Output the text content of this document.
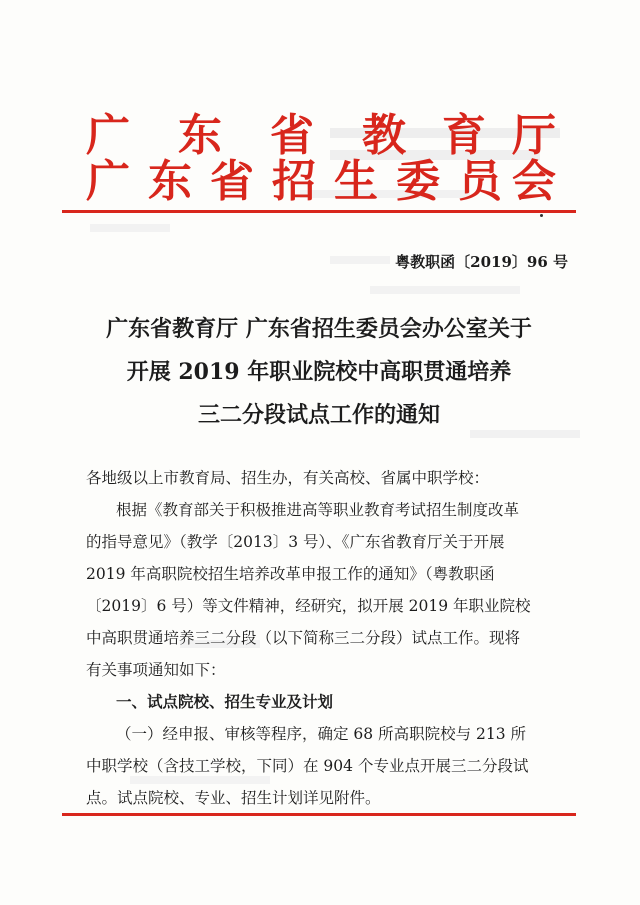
广 东 省 教 育 厅
广 东 省 招 生 委 员 会
粤教职函〔2019〕96 号
广东省教育厅 广东省招生委员会办公室关于
开展 2019 年职业院校中高职贯通培养
三二分段试点工作的通知
各地级以上市教育局、招生办，有关高校、省属中职学校：
根据《教育部关于积极推进高等职业教育考试招生制度改革
的指导意见》（教学〔2013〕3 号）、《广东省教育厅关于开展
2019 年高职院校招生培养改革申报工作的通知》（粤教职函
〔2019〕6 号）等文件精神，经研究，拟开展 2019 年职业院校
中高职贯通培养三二分段（以下简称三二分段）试点工作。现将
有关事项通知如下：
一、试点院校、招生专业及计划
（一）经申报、审核等程序，确定 68 所高职院校与 213 所
中职学校（含技工学校，下同）在 904 个专业点开展三二分段试
点。试点院校、专业、招生计划详见附件。
